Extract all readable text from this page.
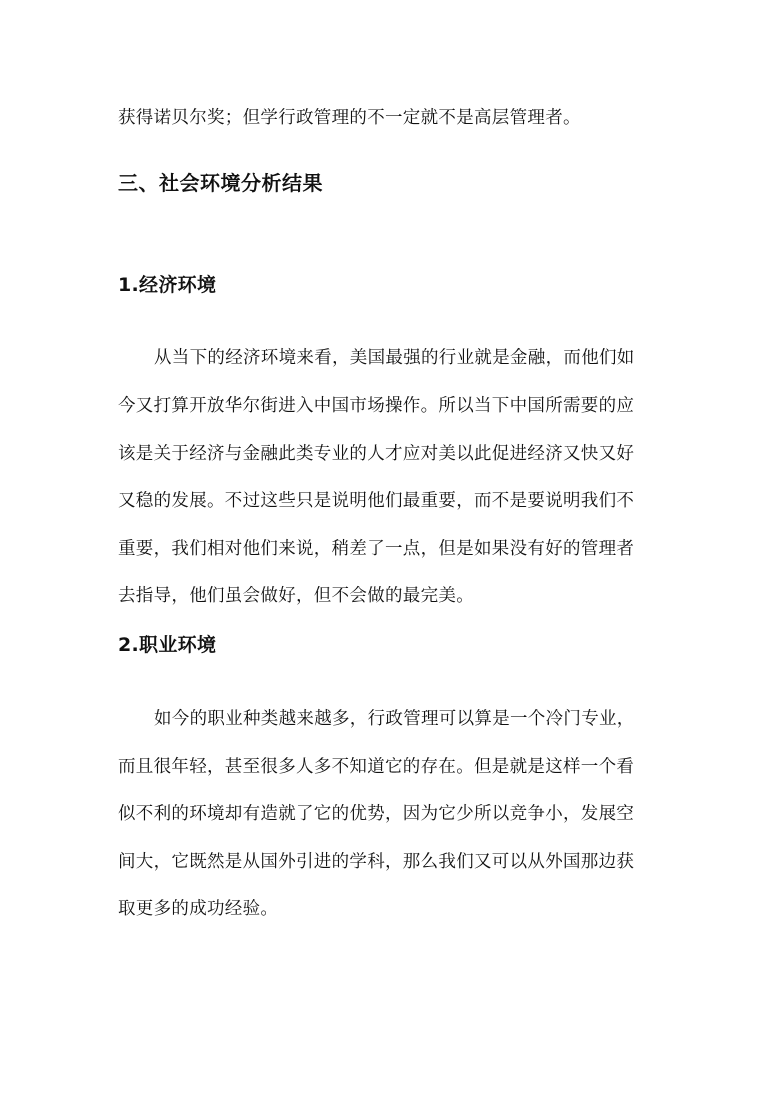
获得诺贝尔奖；但学行政管理的不一定就不是高层管理者。
三、社会环境分析结果
1.经济环境
从当下的经济环境来看，美国最强的行业就是金融，而他们如
今又打算开放华尔街进入中国市场操作。所以当下中国所需要的应
该是关于经济与金融此类专业的人才应对美以此促进经济又快又好
又稳的发展。不过这些只是说明他们最重要，而不是要说明我们不
重要，我们相对他们来说，稍差了一点，但是如果没有好的管理者
去指导，他们虽会做好，但不会做的最完美。
2.职业环境
如今的职业种类越来越多，行政管理可以算是一个冷门专业，
而且很年轻，甚至很多人多不知道它的存在。但是就是这样一个看
似不利的环境却有造就了它的优势，因为它少所以竞争小，发展空
间大，它既然是从国外引进的学科，那么我们又可以从外国那边获
取更多的成功经验。
